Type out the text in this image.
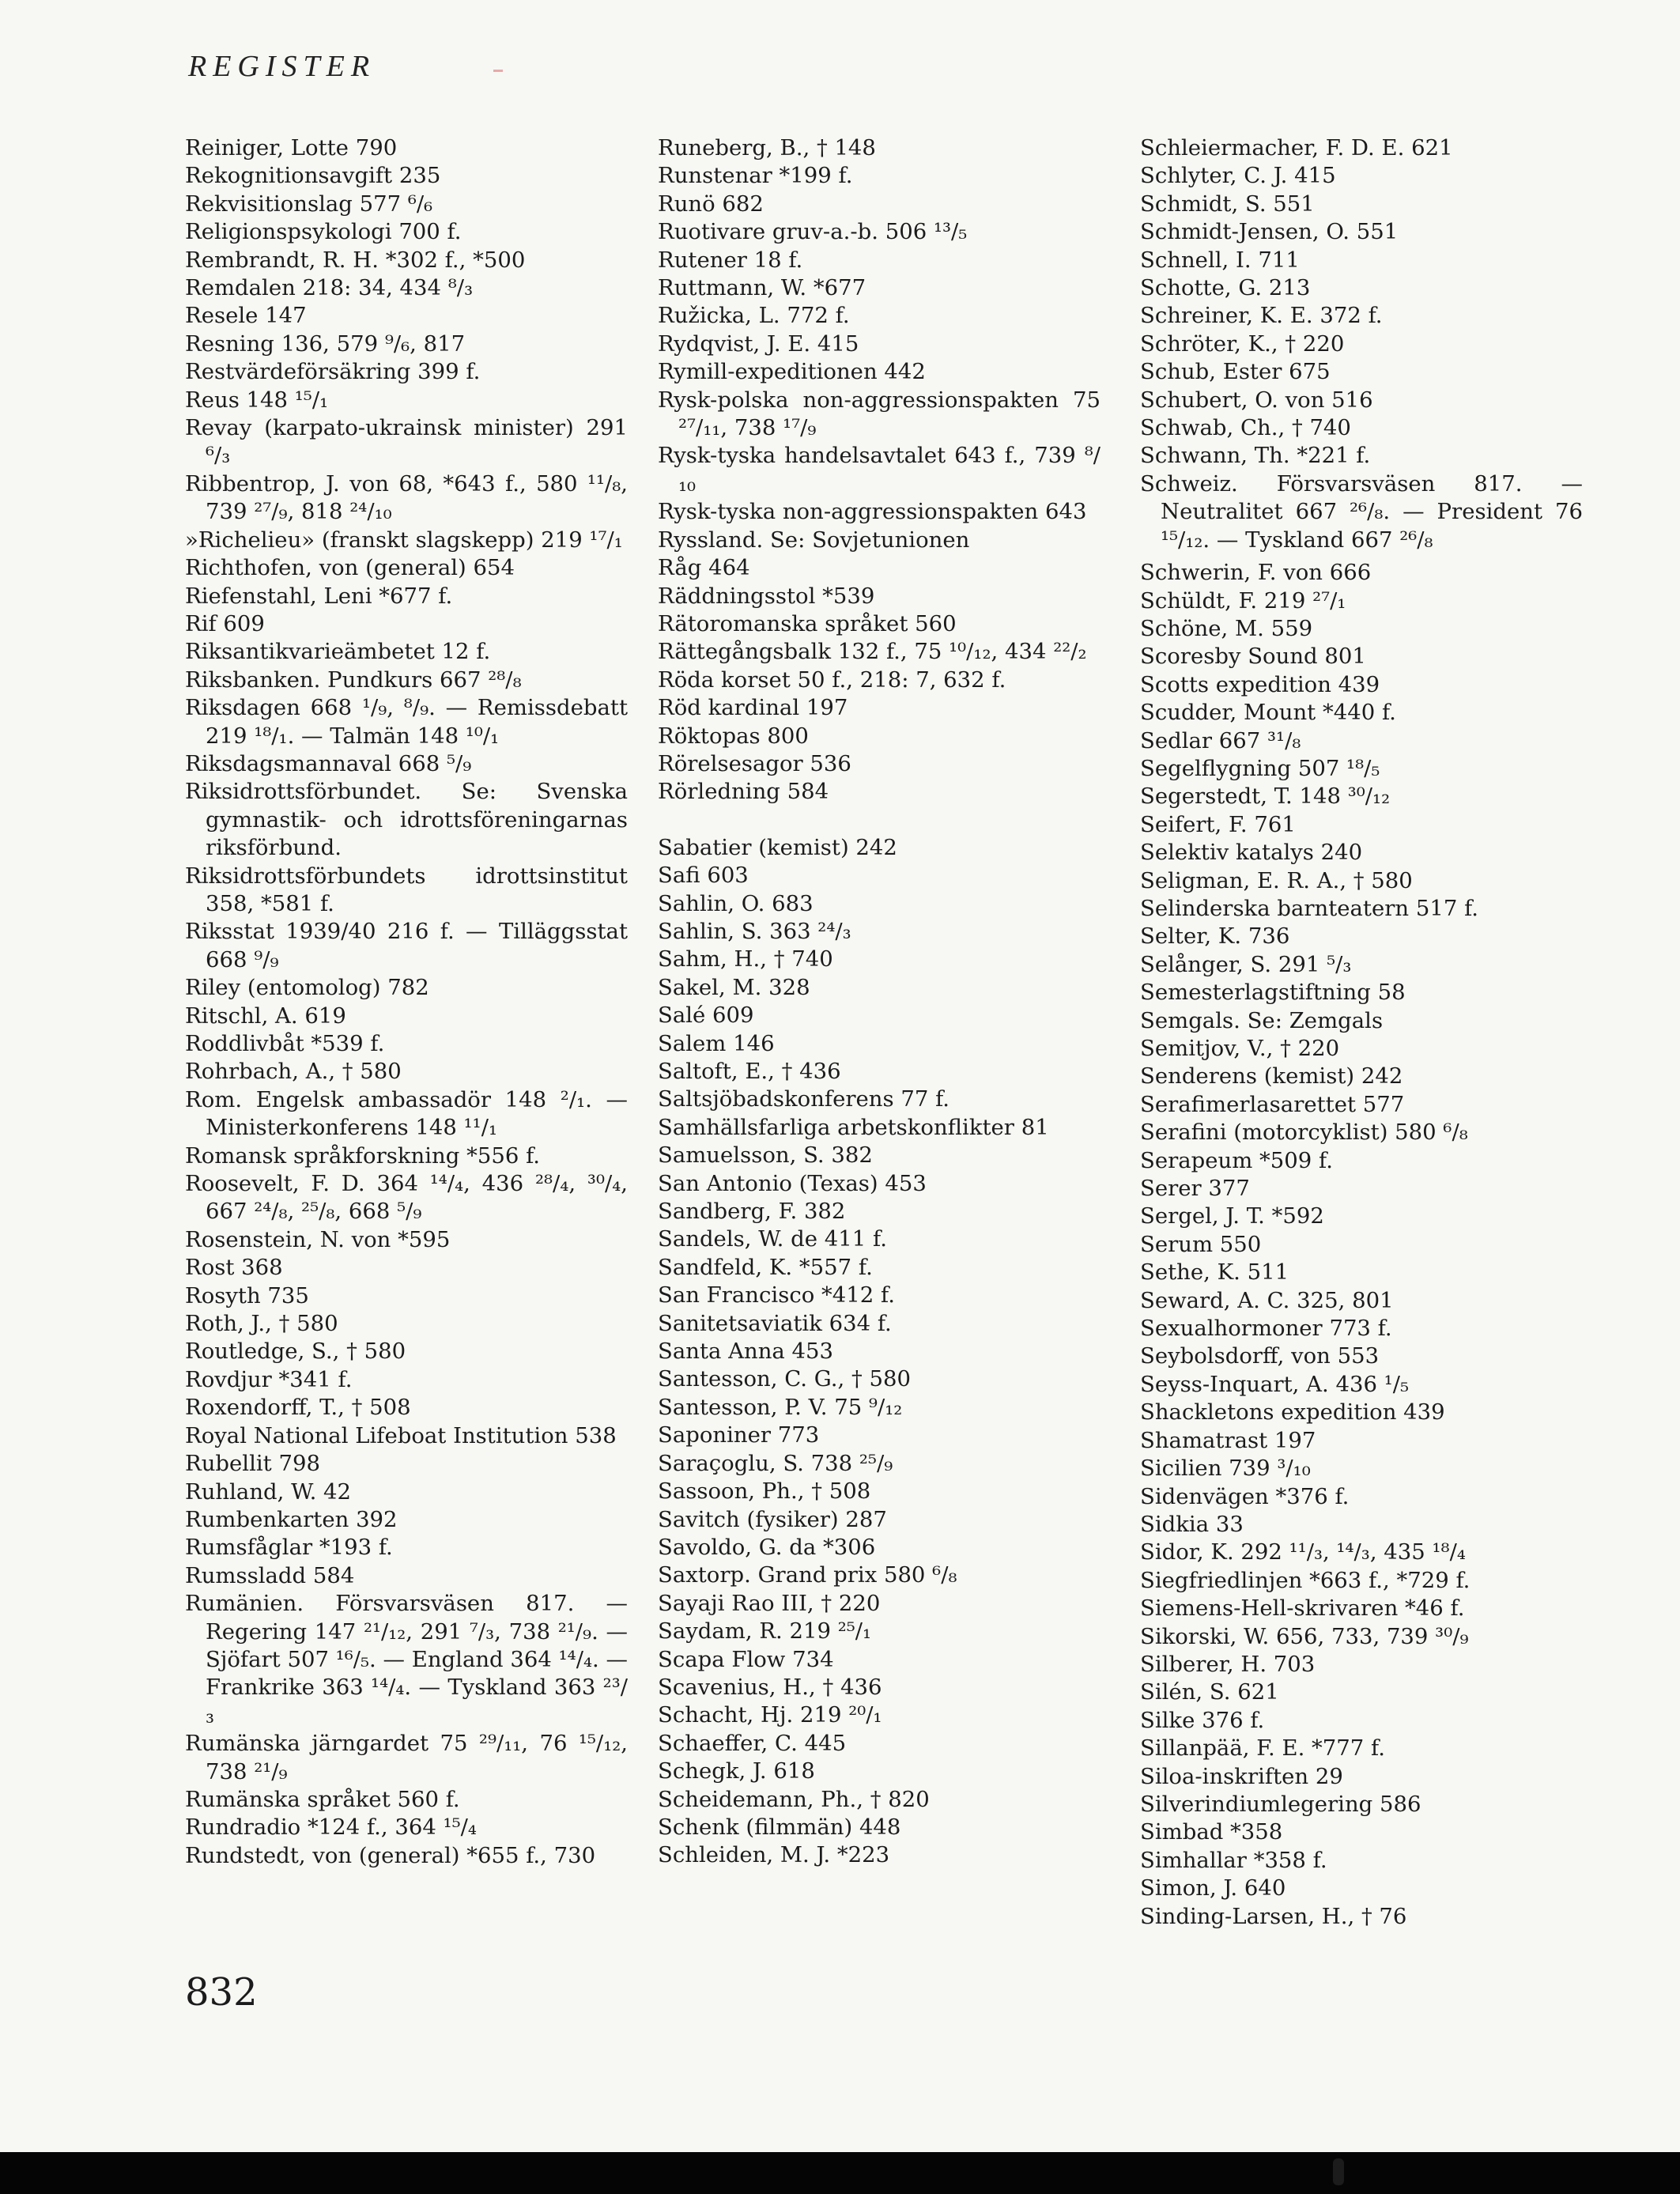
REGISTER
Reiniger, Lotte 790
Rekognitionsavgift 235
Rekvisitionslag 577 ⁶/₆
Religionspsykologi 700 f.
Rembrandt, R. H. *302 f., *500
Remdalen 218: 34, 434 ⁸/₃
Resele 147
Resning 136, 579 ⁹/₆, 817
Restvärdeförsäkring 399 f.
Reus 148 ¹⁵/₁
Revay (karpato-ukrainsk minister) 291 ⁶/₃
Ribbentrop, J. von 68, *643 f., 580 ¹¹/₈, 739 ²⁷/₉, 818 ²⁴/₁₀
»Richelieu» (franskt slagskepp) 219 ¹⁷/₁
Richthofen, von (general) 654
Riefenstahl, Leni *677 f.
Rif 609
Riksantikvarieämbetet 12 f.
Riksbanken. Pundkurs 667 ²⁸/₈
Riksdagen 668 ¹/₉, ⁸/₉. — Remissdebatt 219 ¹⁸/₁. — Talmän 148 ¹⁰/₁
Riksdagsmannaval 668 ⁵/₉
Riksidrottsförbundet. Se: Svenska gymnastik- och idrottsföreningarnas riksförbund.
Riksidrottsförbundets idrottsinstitut 358, *581 f.
Riksstat 1939/40 216 f. — Tilläggsstat 668 ⁹/₉
Riley (entomolog) 782
Ritschl, A. 619
Roddlivbåt *539 f.
Rohrbach, A., † 580
Rom. Engelsk ambassadör 148 ²/₁. — Ministerkonferens 148 ¹¹/₁
Romansk språkforskning *556 f.
Roosevelt, F. D. 364 ¹⁴/₄, 436 ²⁸/₄, ³⁰/₄, 667 ²⁴/₈, ²⁵/₈, 668 ⁵/₉
Rosenstein, N. von *595
Rost 368
Rosyth 735
Roth, J., † 580
Routledge, S., † 580
Rovdjur *341 f.
Roxendorff, T., † 508
Royal National Lifeboat Institution 538
Rubellit 798
Ruhland, W. 42
Rumbenkarten 392
Rumsfåglar *193 f.
Rumssladd 584
Rumänien. Försvarsväsen 817. — Regering 147 ²¹/₁₂, 291 ⁷/₃, 738 ²¹/₉. — Sjöfart 507 ¹⁶/₅. — England 364 ¹⁴/₄. — Frankrike 363 ¹⁴/₄. — Tyskland 363 ²³/₃
Rumänska järngardet 75 ²⁹/₁₁, 76 ¹⁵/₁₂, 738 ²¹/₉
Rumänska språket 560 f.
Rundradio *124 f., 364 ¹⁵/₄
Rundstedt, von (general) *655 f., 730
Runeberg, B., † 148
Runstenar *199 f.
Runö 682
Ruotivare gruv-a.-b. 506 ¹³/₅
Rutener 18 f.
Ruttmann, W. *677
Ružicka, L. 772 f.
Rydqvist, J. E. 415
Rymill-expeditionen 442
Rysk-polska non-aggressionspakten 75 ²⁷/₁₁, 738 ¹⁷/₉
Rysk-tyska handelsavtalet 643 f., 739 ⁸/₁₀
Rysk-tyska non-aggressionspakten 643
Ryssland. Se: Sovjetunionen
Råg 464
Räddningsstol *539
Rätoromanska språket 560
Rättegångsbalk 132 f., 75 ¹⁰/₁₂, 434 ²²/₂
Röda korset 50 f., 218: 7, 632 f.
Röd kardinal 197
Röktopas 800
Rörelsesagor 536
Rörledning 584
Sabatier (kemist) 242
Safi 603
Sahlin, O. 683
Sahlin, S. 363 ²⁴/₃
Sahm, H., † 740
Sakel, M. 328
Salé 609
Salem 146
Saltoft, E., † 436
Saltsjöbadskonferens 77 f.
Samhällsfarliga arbetskonflikter 81
Samuelsson, S. 382
San Antonio (Texas) 453
Sandberg, F. 382
Sandels, W. de 411 f.
Sandfeld, K. *557 f.
San Francisco *412 f.
Sanitetsaviatik 634 f.
Santa Anna 453
Santesson, C. G., † 580
Santesson, P. V. 75 ⁹/₁₂
Saponiner 773
Saraçoglu, S. 738 ²⁵/₉
Sassoon, Ph., † 508
Savitch (fysiker) 287
Savoldo, G. da *306
Saxtorp. Grand prix 580 ⁶/₈
Sayaji Rao III, † 220
Saydam, R. 219 ²⁵/₁
Scapa Flow 734
Scavenius, H., † 436
Schacht, Hj. 219 ²⁰/₁
Schaeffer, C. 445
Schegk, J. 618
Scheidemann, Ph., † 820
Schenk (filmmän) 448
Schleiden, M. J. *223
Schleiermacher, F. D. E. 621
Schlyter, C. J. 415
Schmidt, S. 551
Schmidt-Jensen, O. 551
Schnell, I. 711
Schotte, G. 213
Schreiner, K. E. 372 f.
Schröter, K., † 220
Schub, Ester 675
Schubert, O. von 516
Schwab, Ch., † 740
Schwann, Th. *221 f.
Schweiz. Försvarsväsen 817. — Neutralitet 667 ²⁶/₈. — President 76 ¹⁵/₁₂. — Tyskland 667 ²⁶/₈
Schwerin, F. von 666
Schüldt, F. 219 ²⁷/₁
Schöne, M. 559
Scoresby Sound 801
Scotts expedition 439
Scudder, Mount *440 f.
Sedlar 667 ³¹/₈
Segelflygning 507 ¹⁸/₅
Segerstedt, T. 148 ³⁰/₁₂
Seifert, F. 761
Selektiv katalys 240
Seligman, E. R. A., † 580
Selinderska barnteatern 517 f.
Selter, K. 736
Selånger, S. 291 ⁵/₃
Semesterlagstiftning 58
Semgals. Se: Zemgals
Semitjov, V., † 220
Senderens (kemist) 242
Serafimerlasarettet 577
Serafini (motorcyklist) 580 ⁶/₈
Serapeum *509 f.
Serer 377
Sergel, J. T. *592
Serum 550
Sethe, K. 511
Seward, A. C. 325, 801
Sexualhormoner 773 f.
Seybolsdorff, von 553
Seyss-Inquart, A. 436 ¹/₅
Shackletons expedition 439
Shamatrast 197
Sicilien 739 ³/₁₀
Sidenvägen *376 f.
Sidkia 33
Sidor, K. 292 ¹¹/₃, ¹⁴/₃, 435 ¹⁸/₄
Siegfriedlinjen *663 f., *729 f.
Siemens-Hell-skrivaren *46 f.
Sikorski, W. 656, 733, 739 ³⁰/₉
Silberer, H. 703
Silén, S. 621
Silke 376 f.
Sillanpää, F. E. *777 f.
Siloa-inskriften 29
Silverindiumlegering 586
Simbad *358
Simhallar *358 f.
Simon, J. 640
Sinding-Larsen, H., † 76
832
